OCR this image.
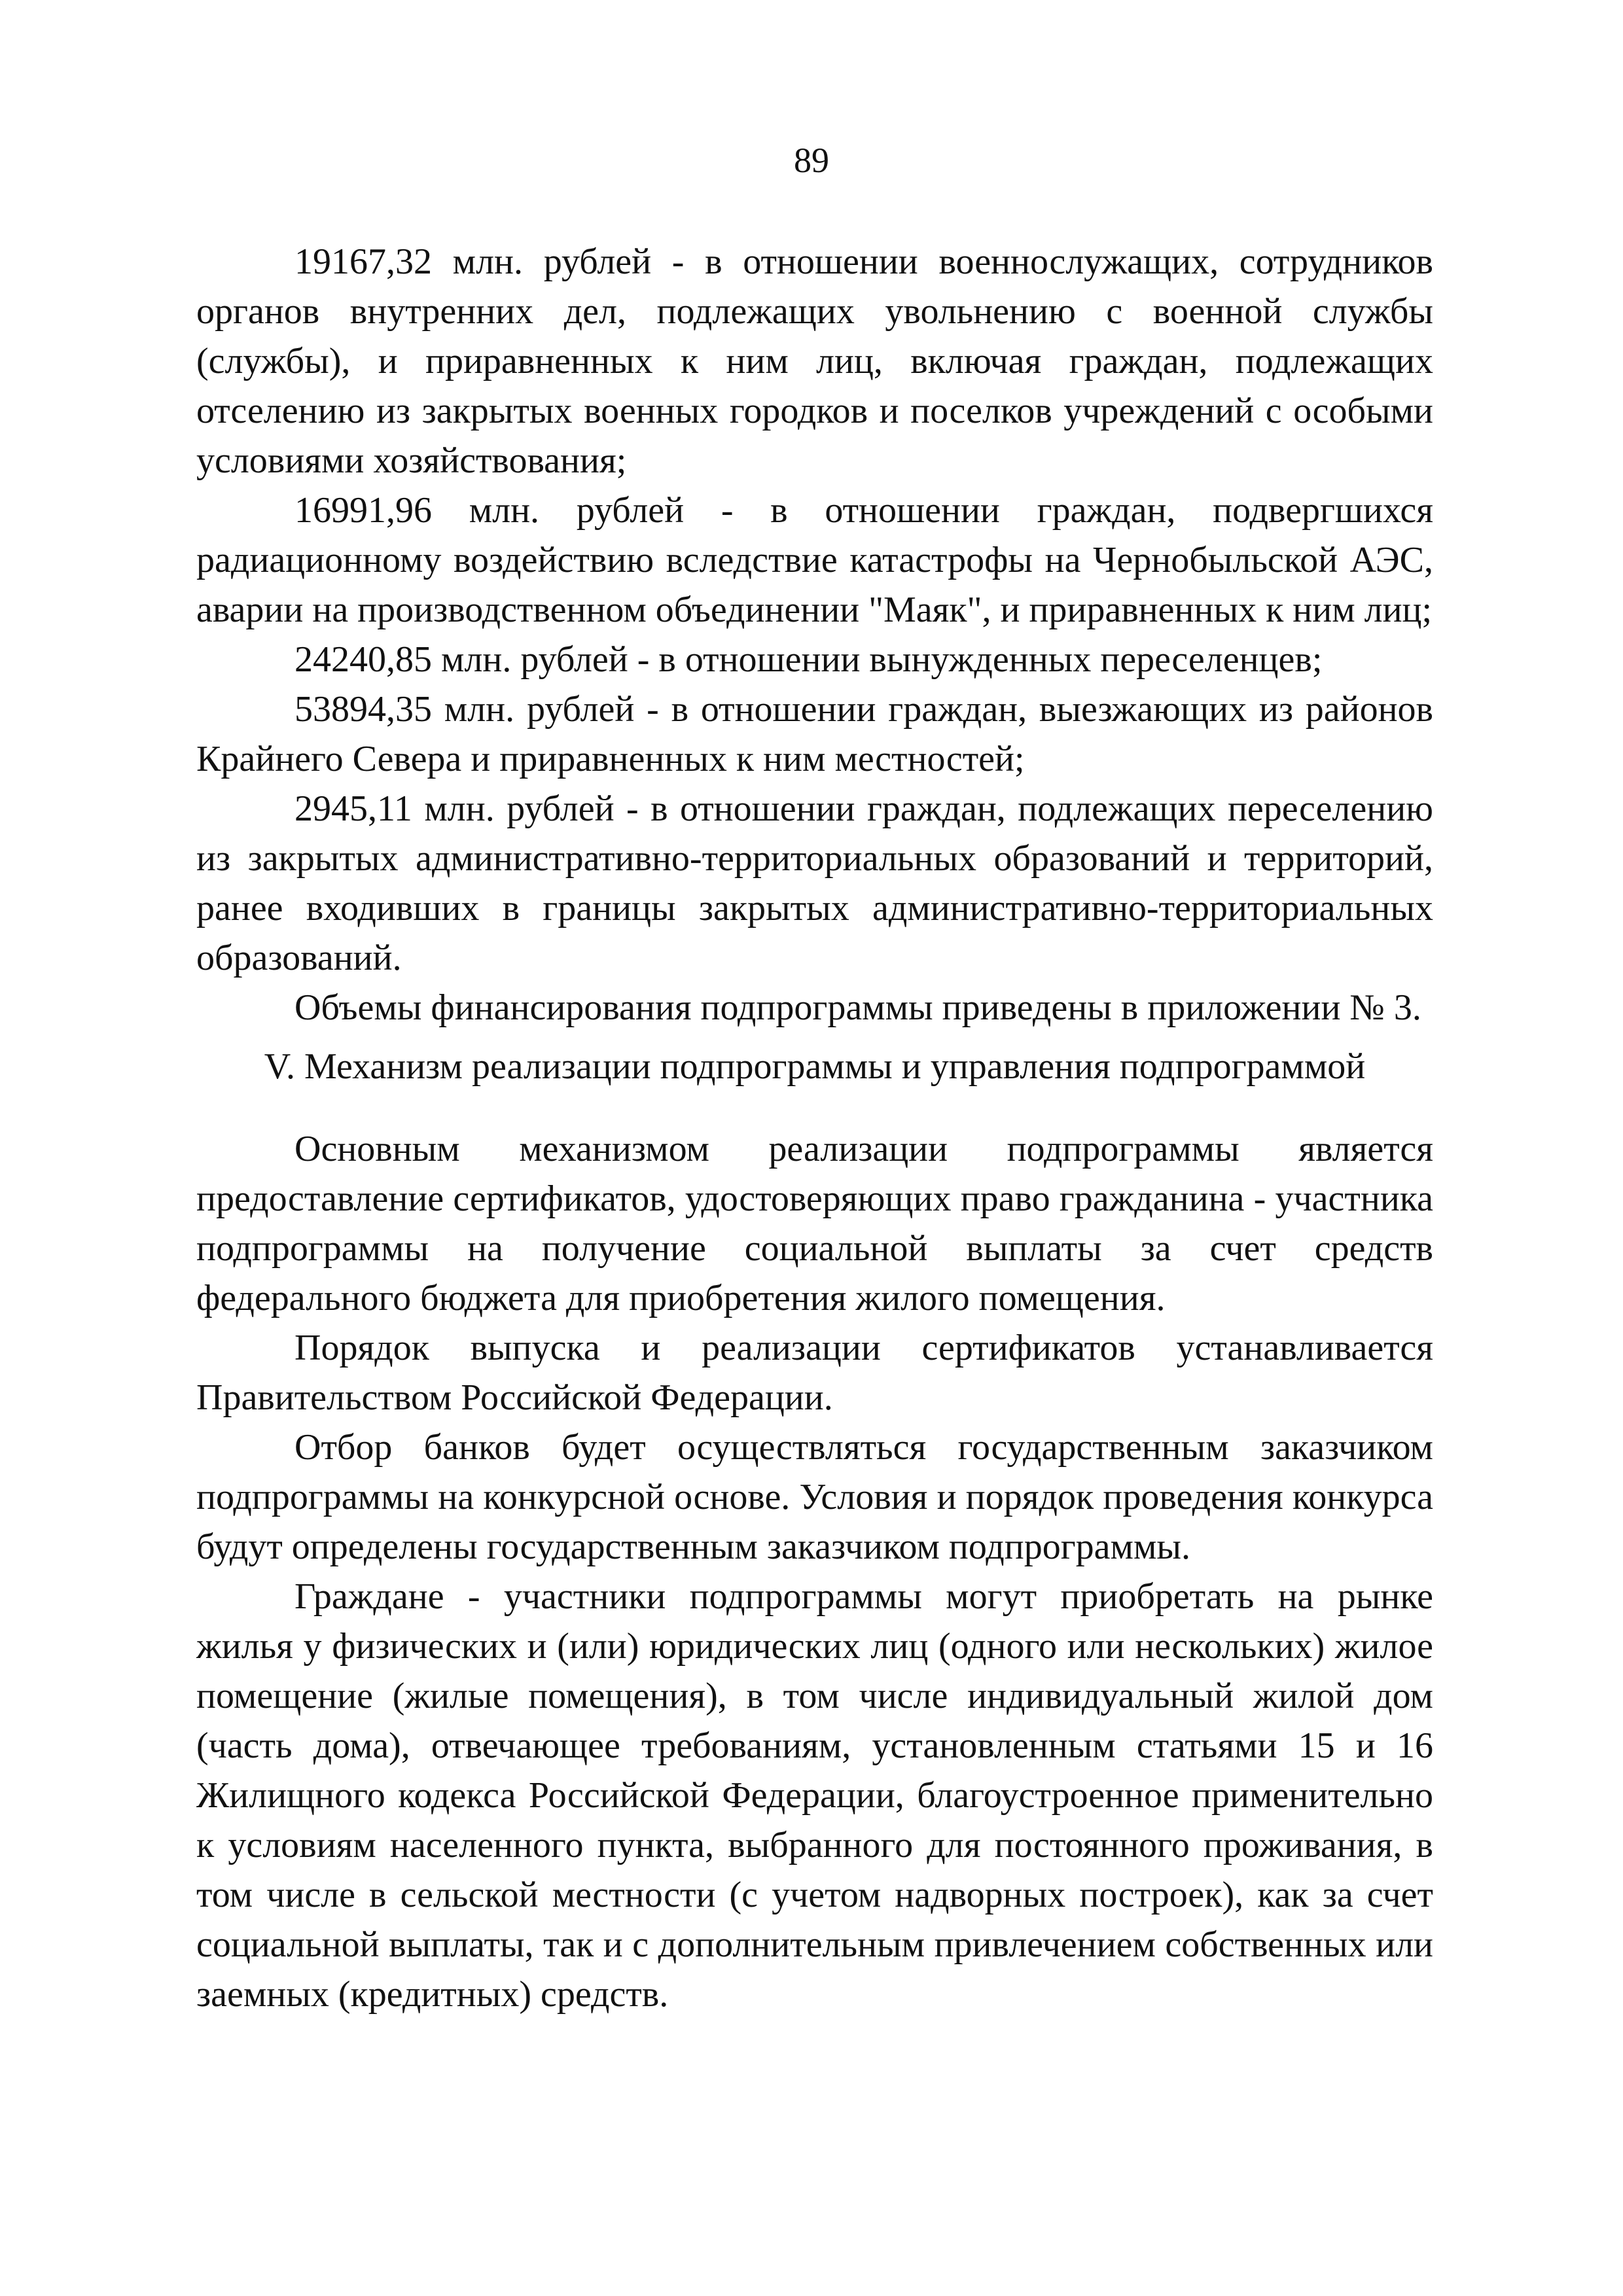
89

19167,32 млн. рублей - в отношении военнослужащих, сотрудников органов внутренних дел, подлежащих увольнению с военной службы (службы), и приравненных к ним лиц, включая граждан, подлежащих отселению из закрытых военных городков и поселков учреждений с особыми условиями хозяйствования;

16991,96 млн. рублей - в отношении граждан, подвергшихся радиационному воздействию вследствие катастрофы на Чернобыльской АЭС, аварии на производственном объединении "Маяк", и приравненных к ним лиц;

24240,85 млн. рублей - в отношении вынужденных переселенцев;

53894,35 млн. рублей - в отношении граждан, выезжающих из районов Крайнего Севера и приравненных к ним местностей;

2945,11 млн. рублей - в отношении граждан, подлежащих переселению из закрытых административно-территориальных образований и территорий, ранее входивших в границы закрытых административно-территориальных образований.

Объемы финансирования подпрограммы приведены в приложении № 3.

V. Механизм реализации подпрограммы и управления подпрограммой

Основным механизмом реализации подпрограммы является предоставление сертификатов, удостоверяющих право гражданина - участника подпрограммы на получение социальной выплаты за счет средств федерального бюджета для приобретения жилого помещения.

Порядок выпуска и реализации сертификатов устанавливается Правительством Российской Федерации.

Отбор банков будет осуществляться государственным заказчиком подпрограммы на конкурсной основе. Условия и порядок проведения конкурса будут определены государственным заказчиком подпрограммы.

Граждане - участники подпрограммы могут приобретать на рынке жилья у физических и (или) юридических лиц (одного или нескольких) жилое помещение (жилые помещения), в том числе индивидуальный жилой дом (часть дома), отвечающее требованиям, установленным статьями 15 и 16 Жилищного кодекса Российской Федерации, благоустроенное применительно к условиям населенного пункта, выбранного для постоянного проживания, в том числе в сельской местности (с учетом надворных построек), как за счет социальной выплаты, так и с дополнительным привлечением собственных или заемных (кредитных) средств.
